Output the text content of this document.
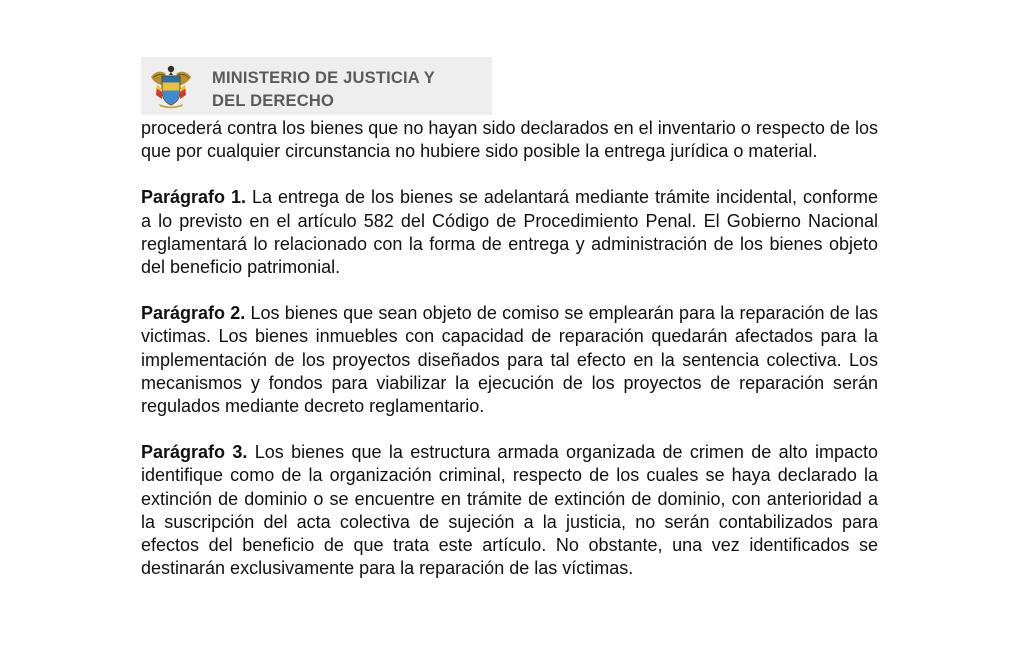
MINISTERIO DE JUSTICIA Y
DEL DERECHO

procederá contra los bienes que no hayan sido declarados en el inventario o respecto de los que por cualquier circunstancia no hubiere sido posible la entrega jurídica o material.

Parágrafo 1. La entrega de los bienes se adelantará mediante trámite incidental, conforme a lo previsto en el artículo 582 del Código de Procedimiento Penal. El Gobierno Nacional reglamentará lo relacionado con la forma de entrega y administración de los bienes objeto del beneficio patrimonial.

Parágrafo 2. Los bienes que sean objeto de comiso se emplearán para la reparación de las victimas. Los bienes inmuebles con capacidad de reparación quedarán afectados para la implementación de los proyectos diseñados para tal efecto en la sentencia colectiva. Los mecanismos y fondos para viabilizar la ejecución de los proyectos de reparación serán regulados mediante decreto reglamentario.

Parágrafo 3. Los bienes que la estructura armada organizada de crimen de alto impacto identifique como de la organización criminal, respecto de los cuales se haya declarado la extinción de dominio o se encuentre en trámite de extinción de dominio, con anterioridad a la suscripción del acta colectiva de sujeción a la justicia, no serán contabilizados para efectos del beneficio de que trata este artículo. No obstante, una vez identificados se destinarán exclusivamente para la reparación de las víctimas.
